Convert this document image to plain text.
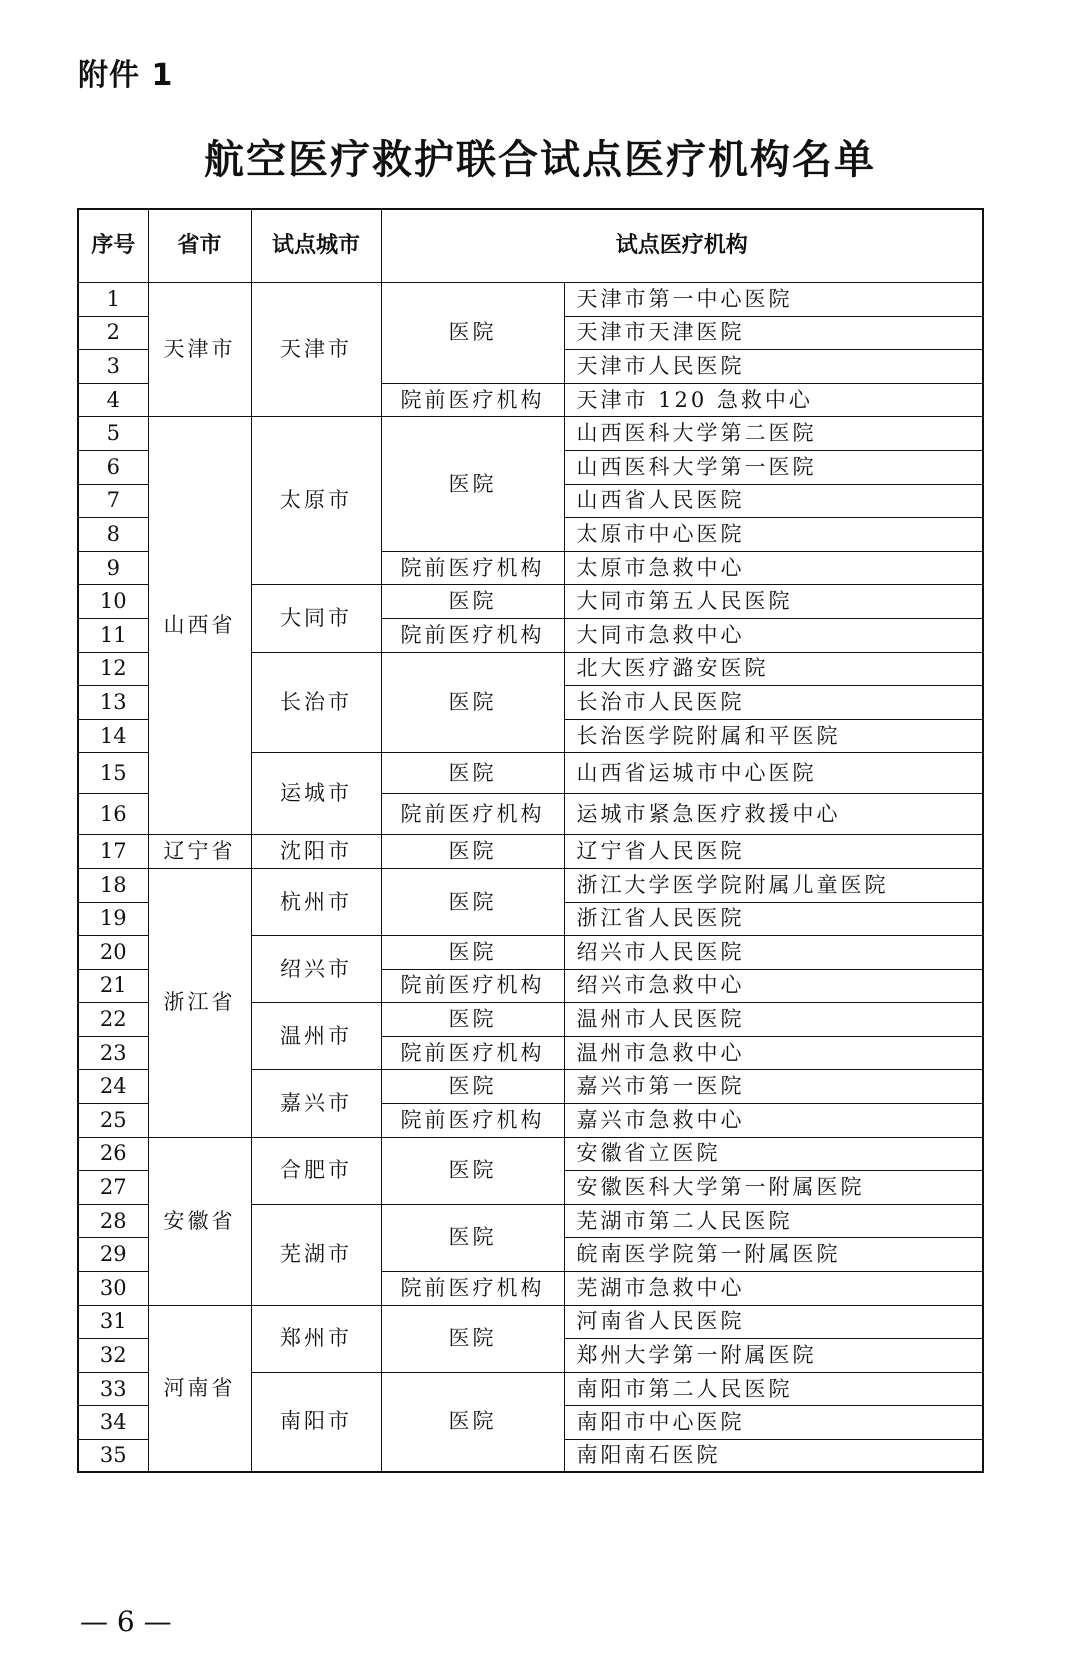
附件 1
航空医疗救护联合试点医疗机构名单
序号	省市	试点城市	试点医疗机构	
1	天津市	天津市	医院	天津市第一中心医院
2				天津市天津医院
3				天津市人民医院
4			院前医疗机构	天津市 120 急救中心
5	山西省	太原市	医院	山西医科大学第二医院
6				山西医科大学第一医院
7				山西省人民医院
8				太原市中心医院
9			院前医疗机构	太原市急救中心
10		大同市	医院	大同市第五人民医院
11			院前医疗机构	大同市急救中心
12		长治市	医院	北大医疗潞安医院
13				长治市人民医院
14				长治医学院附属和平医院
15		运城市	医院	山西省运城市中心医院
16			院前医疗机构	运城市紧急医疗救援中心
17	辽宁省	沈阳市	医院	辽宁省人民医院
18	浙江省	杭州市	医院	浙江大学医学院附属儿童医院
19				浙江省人民医院
20		绍兴市	医院	绍兴市人民医院
21			院前医疗机构	绍兴市急救中心
22		温州市	医院	温州市人民医院
23			院前医疗机构	温州市急救中心
24		嘉兴市	医院	嘉兴市第一医院
25			院前医疗机构	嘉兴市急救中心
26	安徽省	合肥市	医院	安徽省立医院
27				安徽医科大学第一附属医院
28		芜湖市	医院	芜湖市第二人民医院
29				皖南医学院第一附属医院
30			院前医疗机构	芜湖市急救中心
31	河南省	郑州市	医院	河南省人民医院
32				郑州大学第一附属医院
33		南阳市	医院	南阳市第二人民医院
34				南阳市中心医院
35				南阳南石医院
— 6 —
